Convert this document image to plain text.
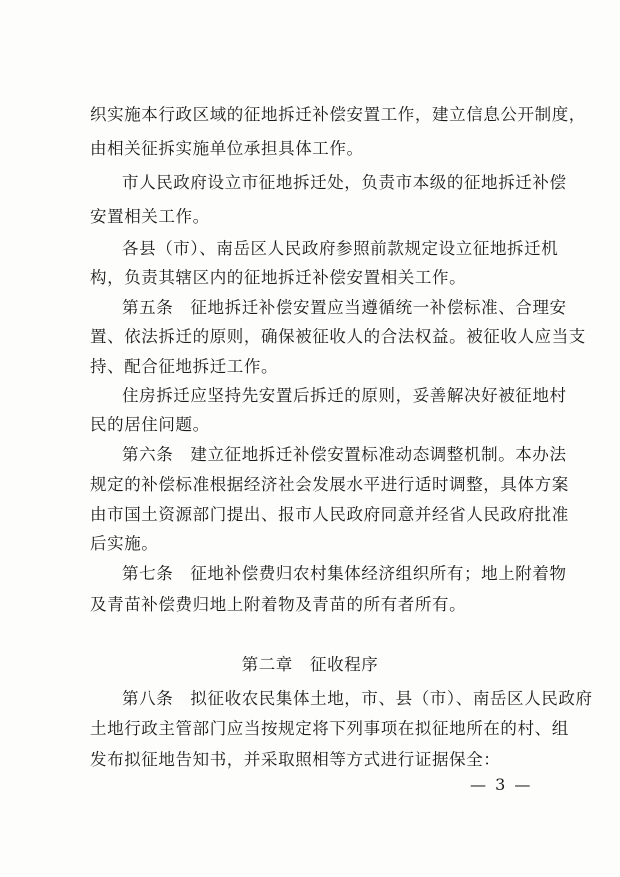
织实施本行政区域的征地拆迁补偿安置工作，建立信息公开制度，
由相关征拆实施单位承担具体工作。
市人民政府设立市征地拆迁处，负责市本级的征地拆迁补偿
安置相关工作。
各县（市）、南岳区人民政府参照前款规定设立征地拆迁机
构，负责其辖区内的征地拆迁补偿安置相关工作。
第五条　征地拆迁补偿安置应当遵循统一补偿标准、合理安
置、依法拆迁的原则，确保被征收人的合法权益。被征收人应当支
持、配合征地拆迁工作。
住房拆迁应坚持先安置后拆迁的原则，妥善解决好被征地村
民的居住问题。
第六条　建立征地拆迁补偿安置标准动态调整机制。本办法
规定的补偿标准根据经济社会发展水平进行适时调整，具体方案
由市国土资源部门提出、报市人民政府同意并经省人民政府批准
后实施。
第七条　征地补偿费归农村集体经济组织所有；地上附着物
及青苗补偿费归地上附着物及青苗的所有者所有。
第二章　征收程序
第八条　拟征收农民集体土地，市、县（市）、南岳区人民政府
土地行政主管部门应当按规定将下列事项在拟征地所在的村、组
发布拟征地告知书，并采取照相等方式进行证据保全：
— 3 —
